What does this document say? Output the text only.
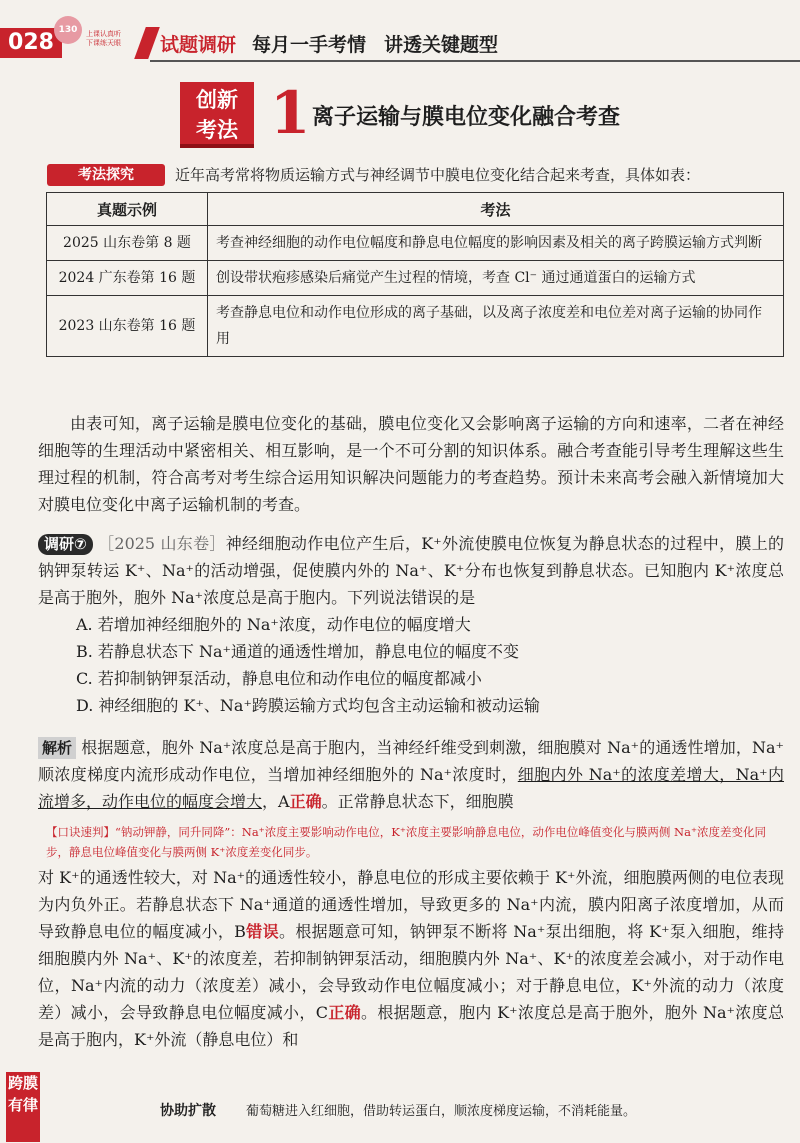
028 130	上课认真听
下课练天眼	试题调研 每月一手考情 讲透关键题型
创新
考法 1 离子运输与膜电位变化融合考查
考法探究	近年高考常将物质运输方式与神经调节中膜电位变化结合起来考查，具体如表：
真题示例	考法
2025 山东卷第 8 题	考查神经细胞的动作电位幅度和静息电位幅度的影响因素及相关的离子跨膜运输方式判断
2024 广东卷第 16 题	创设带状疱疹感染后痛觉产生过程的情境，考查 Cl⁻ 通过通道蛋白的运输方式
2023 山东卷第 16 题	考查静息电位和动作电位形成的离子基础，以及离子浓度差和电位差对离子运输的协同作用

由表可知，离子运输是膜电位变化的基础，膜电位变化又会影响离子运输的方向和速率，二者在神经细胞等的生理活动中紧密相关、相互影响，是一个不可分割的知识体系。融合考查能引导考生理解这些生理过程的机制，符合高考对考生综合运用知识解决问题能力的考查趋势。预计未来高考会融入新情境加大对膜电位变化中离子运输机制的考查。

调研⑦ ［2025 山东卷］神经细胞动作电位产生后，K⁺外流使膜电位恢复为静息状态的过程中，膜上的钠钾泵转运 K⁺、Na⁺的活动增强，促使膜内外的 Na⁺、K⁺分布也恢复到静息状态。已知胞内 K⁺浓度总是高于胞外，胞外 Na⁺浓度总是高于胞内。下列说法错误的是

A. 若增加神经细胞外的 Na⁺浓度，动作电位的幅度增大

B. 若静息状态下 Na⁺通道的通透性增加，静息电位的幅度不变

C. 若抑制钠钾泵活动，静息电位和动作电位的幅度都减小

D. 神经细胞的 K⁺、Na⁺跨膜运输方式均包含主动运输和被动运输

解析 根据题意，胞外 Na⁺浓度总是高于胞内，当神经纤维受到刺激，细胞膜对 Na⁺的通透性增加，Na⁺顺浓度梯度内流形成动作电位，当增加神经细胞外的 Na⁺浓度时，细胞内外 Na⁺的浓度差增大，Na⁺内流增多，动作电位的幅度会增大，A正确。正常静息状态下，细胞膜

【口诀速判】“钠动钾静，同升同降”：Na⁺浓度主要影响动作电位，K⁺浓度主要影响静息电位，动作电位峰值变化与膜两侧 Na⁺浓度差变化同步，静息电位峰值变化与膜两侧 K⁺浓度差变化同步。

对 K⁺的通透性较大，对 Na⁺的通透性较小，静息电位的形成主要依赖于 K⁺外流，细胞膜两侧的电位表现为内负外正。若静息状态下 Na⁺通道的通透性增加，导致更多的 Na⁺内流，膜内阳离子浓度增加，从而导致静息电位的幅度减小，B错误。根据题意可知，钠钾泵不断将 Na⁺泵出细胞，将 K⁺泵入细胞，维持细胞膜内外 Na⁺、K⁺的浓度差，若抑制钠钾泵活动，细胞膜内外 Na⁺、K⁺的浓度差会减小，对于动作电位，Na⁺内流的动力（浓度差）减小，会导致动作电位幅度减小；对于静息电位，K⁺外流的动力（浓度差）减小，会导致静息电位幅度减小，C正确。根据题意，胞内 K⁺浓度总是高于胞外，胞外 Na⁺浓度总是高于胞内，K⁺外流（静息电位）和

跨膜有律	协助扩散 葡萄糖进入红细胞，借助转运蛋白，顺浓度梯度运输，不消耗能量。
